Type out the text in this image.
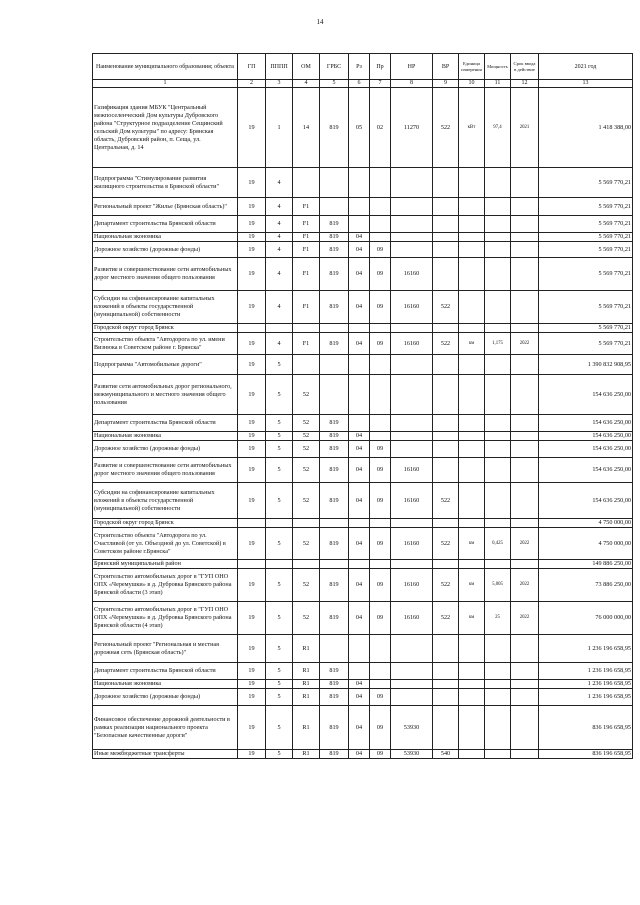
14
Наименование муниципального образования; объекта	ГП	ПППП	ОМ	ГРБС	Рз	Пр	НР	ВР	Единица измерения	Мощность	Срок ввода в действие	2021 год
1	2	3	4	5	6	7	8	9	10	11	12	13
Газификация здания МБУК "Центральный межпоселенческий Дом культуры Дубровского района "Структурное подразделение Сещинский сельский Дом культуры" по адресу: Брянская область, Дубровский район, п. Сеща, ул. Центральная, д. 14	19	1	14	819	05	02	11270	522	кВт	97,4	2021	1 418 388,00
Подпрограмма "Стимулирование развития жилищного строительства в Брянской области"	19	4										5 569 770,21
Региональный проект "Жилье (Брянская область)"	19	4	F1									5 569 770,21
Департамент строительства Брянской области	19	4	F1	819								5 569 770,21
Национальная экономика	19	4	F1	819	04							5 569 770,21
Дорожное хозяйство (дорожные фонды)	19	4	F1	819	04	09						5 569 770,21
Развитие и совершенствование сети автомобильных дорог местного значения общего пользования	19	4	F1	819	04	09	16160					5 569 770,21
Субсидии на софинансирование капитальных вложений в объекты государственной (муниципальной) собственности	19	4	F1	819	04	09	16160	522				5 569 770,21
Городской округ город Брянск												5 569 770,21
Строительство объекта "Автодорога по ул. имени Визнюка в Советском районе г. Брянска"	19	4	F1	819	04	09	16160	522	км	1,175	2022	5 569 770,21
Подпрограмма "Автомобильные дороги"	19	5										1 390 832 908,95
Развитие сети автомобильных дорог регионального, межмуниципального и местного значения общего пользования	19	5	52									154 636 250,00
Департамент строительства Брянской области	19	5	52	819								154 636 250,00
Национальная экономика	19	5	52	819	04							154 636 250,00
Дорожное хозяйство (дорожные фонды)	19	5	52	819	04	09						154 636 250,00
Развитие и совершенствование сети автомобильных дорог местного значения общего пользования	19	5	52	819	04	09	16160					154 636 250,00
Субсидии на софинансирование капитальных вложений в объекты государственной (муниципальной) собственности	19	5	52	819	04	09	16160	522				154 636 250,00
Городской округ город Брянск												4 750 000,00
Строительство объекта "Автодорога по ул. Счастливой (от ул. Объездной до ул. Советской) в Советском районе г.Брянска"	19	5	52	819	04	09	16160	522	км	0,425	2022	4 750 000,00
Брянский муниципальный район												149 886 250,00
Строительство автомобильных дорог в "ГУП ОНО ОПХ «Черемушки» в д. Дубровка Брянского района Брянской области (3 этап)	19	5	52	819	04	09	16160	522	км	5,005	2022	73 886 250,00
Строительство автомобильных дорог в "ГУП ОНО ОПХ «Черемушки» в д. Дубровка Брянского района Брянской области (4 этап)	19	5	52	819	04	09	16160	522	км	25	2022	76 000 000,00
Региональный проект "Региональная и местная дорожная сеть (Брянская область)"	19	5	R1									1 236 196 658,95
Департамент строительства Брянской области	19	5	R1	819								1 236 196 658,95
Национальная экономика	19	5	R1	819	04							1 236 196 658,95
Дорожное хозяйство (дорожные фонды)	19	5	R1	819	04	09						1 236 196 658,95
Финансовое обеспечение дорожной деятельности в рамках реализации национального проекта "Безопасные качественные дороги"	19	5	R1	819	04	09	53930					836 196 658,95
Иные межбюджетные трансферты	19	5	R1	819	04	09	53930	540				836 196 658,95
